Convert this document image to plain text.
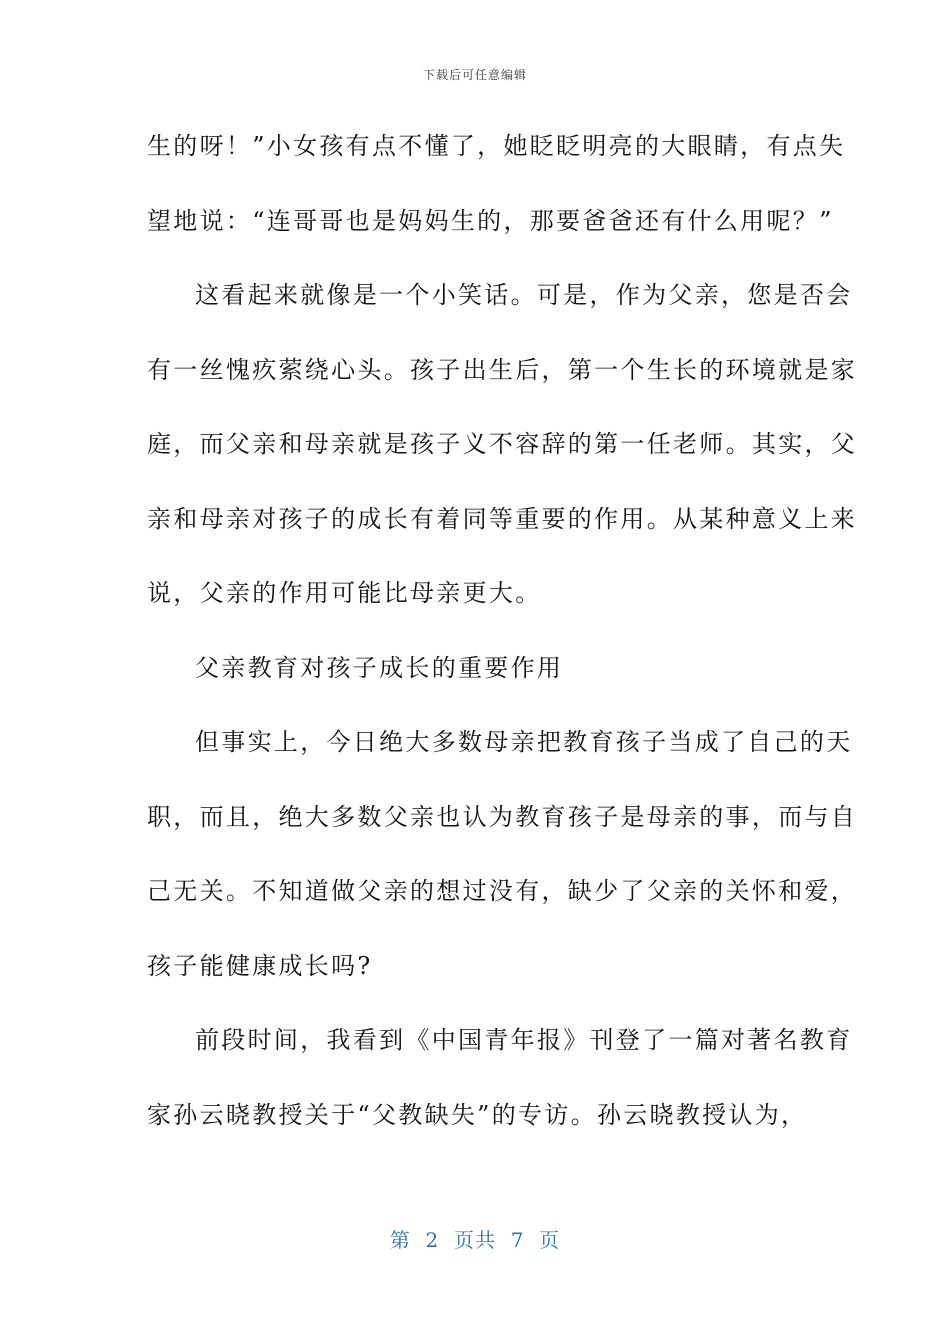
下载后可任意编辑
生的呀！”小女孩有点不懂了，她眨眨明亮的大眼睛，有点失
望地说：“连哥哥也是妈妈生的，那要爸爸还有什么用呢？”
这看起来就像是一个小笑话。可是，作为父亲，您是否会
有一丝愧疚萦绕心头。孩子出生后，第一个生长的环境就是家
庭，而父亲和母亲就是孩子义不容辞的第一任老师。其实，父
亲和母亲对孩子的成长有着同等重要的作用。从某种意义上来
说，父亲的作用可能比母亲更大。
父亲教育对孩子成长的重要作用
但事实上，今日绝大多数母亲把教育孩子当成了自己的天
职，而且，绝大多数父亲也认为教育孩子是母亲的事，而与自
己无关。不知道做父亲的想过没有，缺少了父亲的关怀和爱，
孩子能健康成长吗?
前段时间，我看到《中国青年报》刊登了一篇对著名教育
家孙云晓教授关于“父教缺失”的专访。孙云晓教授认为，
第  2  页共  7  页
